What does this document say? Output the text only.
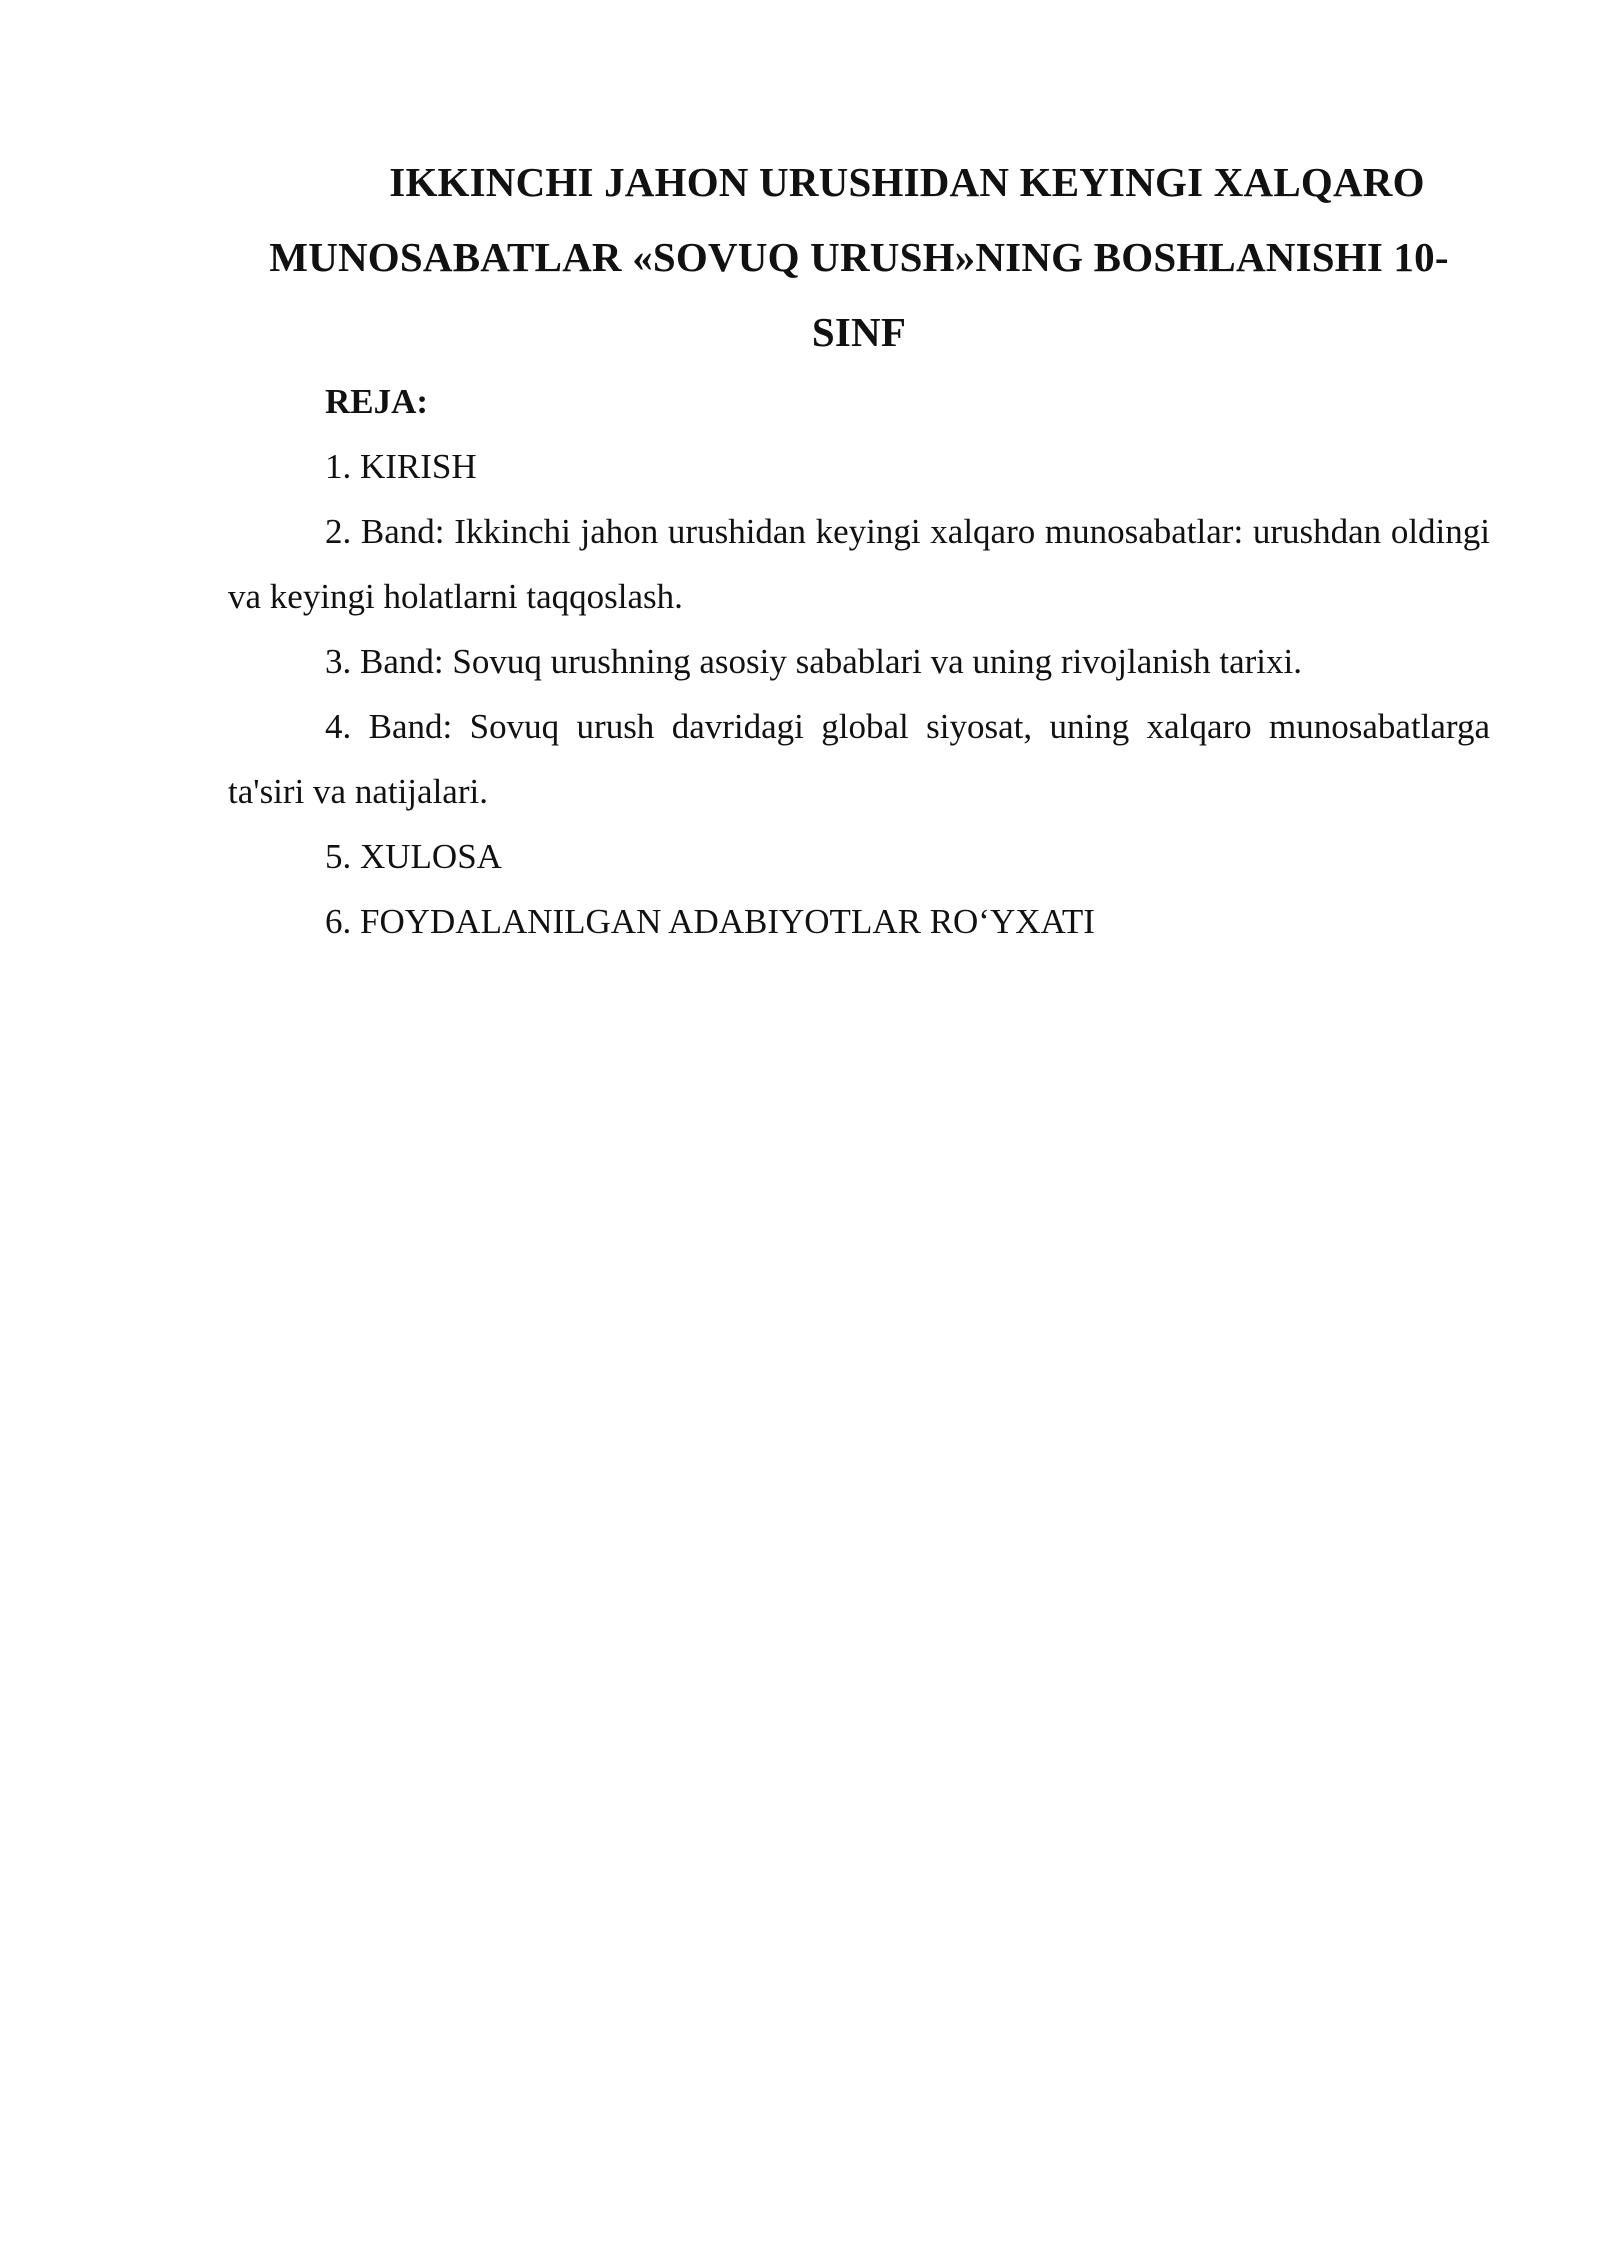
IKKINCHI JAHON URUSHIDAN KEYINGI XALQARO MUNOSABATLAR «SOVUQ URUSH»NING BOSHLANISHI 10-SINF

REJA:

1. KIRISH

2. Band: Ikkinchi jahon urushidan keyingi xalqaro munosabatlar: urushdan oldingi va keyingi holatlarni taqqoslash.

3. Band: Sovuq urushning asosiy sabablari va uning rivojlanish tarixi.

4. Band: Sovuq urush davridagi global siyosat, uning xalqaro munosabatlarga ta'siri va natijalari.

5. XULOSA

6. FOYDALANILGAN ADABIYOTLAR RO‘YXATI
